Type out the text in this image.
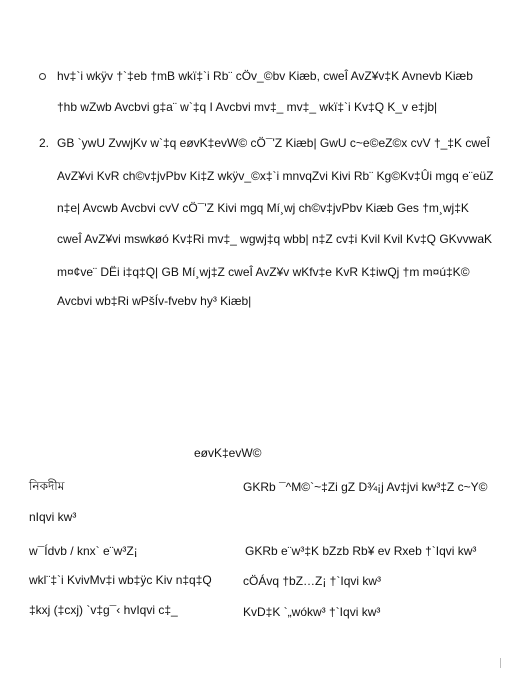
hv‡`i wkÿv †`‡eb †mB wkï‡`i Rb¨ cÖv_©bv Kiæb, cweÎ AvZ¥v‡K Avnevb Kiæb
†hb wZwb Avcbvi g‡a¨ w`‡q I Avcbvi mv‡_ mv‡_ wkï‡`i Kv‡Q K_v e‡jb|
2. GB `ywU ZvwjKv w`‡q eøvK‡evW© cÖ¯'Z Kiæb| GwU c~e©eZ©x cvV †_‡K cweÎ
AvZ¥vi KvR ch©v‡jvPbv Ki‡Z wkÿv_©x‡`i mnvqZvi Kivi Rb¨ Kg©Kv‡Ûi mgq e¨eüZ
n‡e| Avcwb Avcbvi cvV cÖ¯'Z Kivi mgq Mí¸wj ch©v‡jvPbv Kiæb Ges †m¸wj‡K
cweÎ AvZ¥vi mswkøó Kv‡Ri mv‡_ wgwj‡q wbb| n‡Z cv‡i Kvil Kvil Kv‡Q GKvvwaK
m¤¢ve¨ DËi i‡q‡Q| GB Mí¸wj‡Z cweÎ AvZ¥v wKfv‡e KvR K‡iwQj †m m¤ú‡K©
Avcbvi wb‡Ri wPšÍv-fvebv hy³ Kiæb|
eøvK‡evW©
নিকদীম	GKRb ¯^M©`~‡Zi gZ D¾¡j Av‡jvi kw³‡Z c~Y©
nIqvi kw³
w¯Ídvb / knx` e¨w³Z¡	GKRb e¨w³‡K bZzb Rb¥ ev Rxeb †`Iqvi kw³
wkl¨‡`i KvivMv‡i wb‡ÿc Kiv n‡q‡Q	cÖÁvq †bZ…Z¡ †`Iqvi kw³
‡kxj (‡cxj) `v‡g¯‹ hvIqvi c‡_	KvD‡K `„wókw³ †`Iqvi kw³
